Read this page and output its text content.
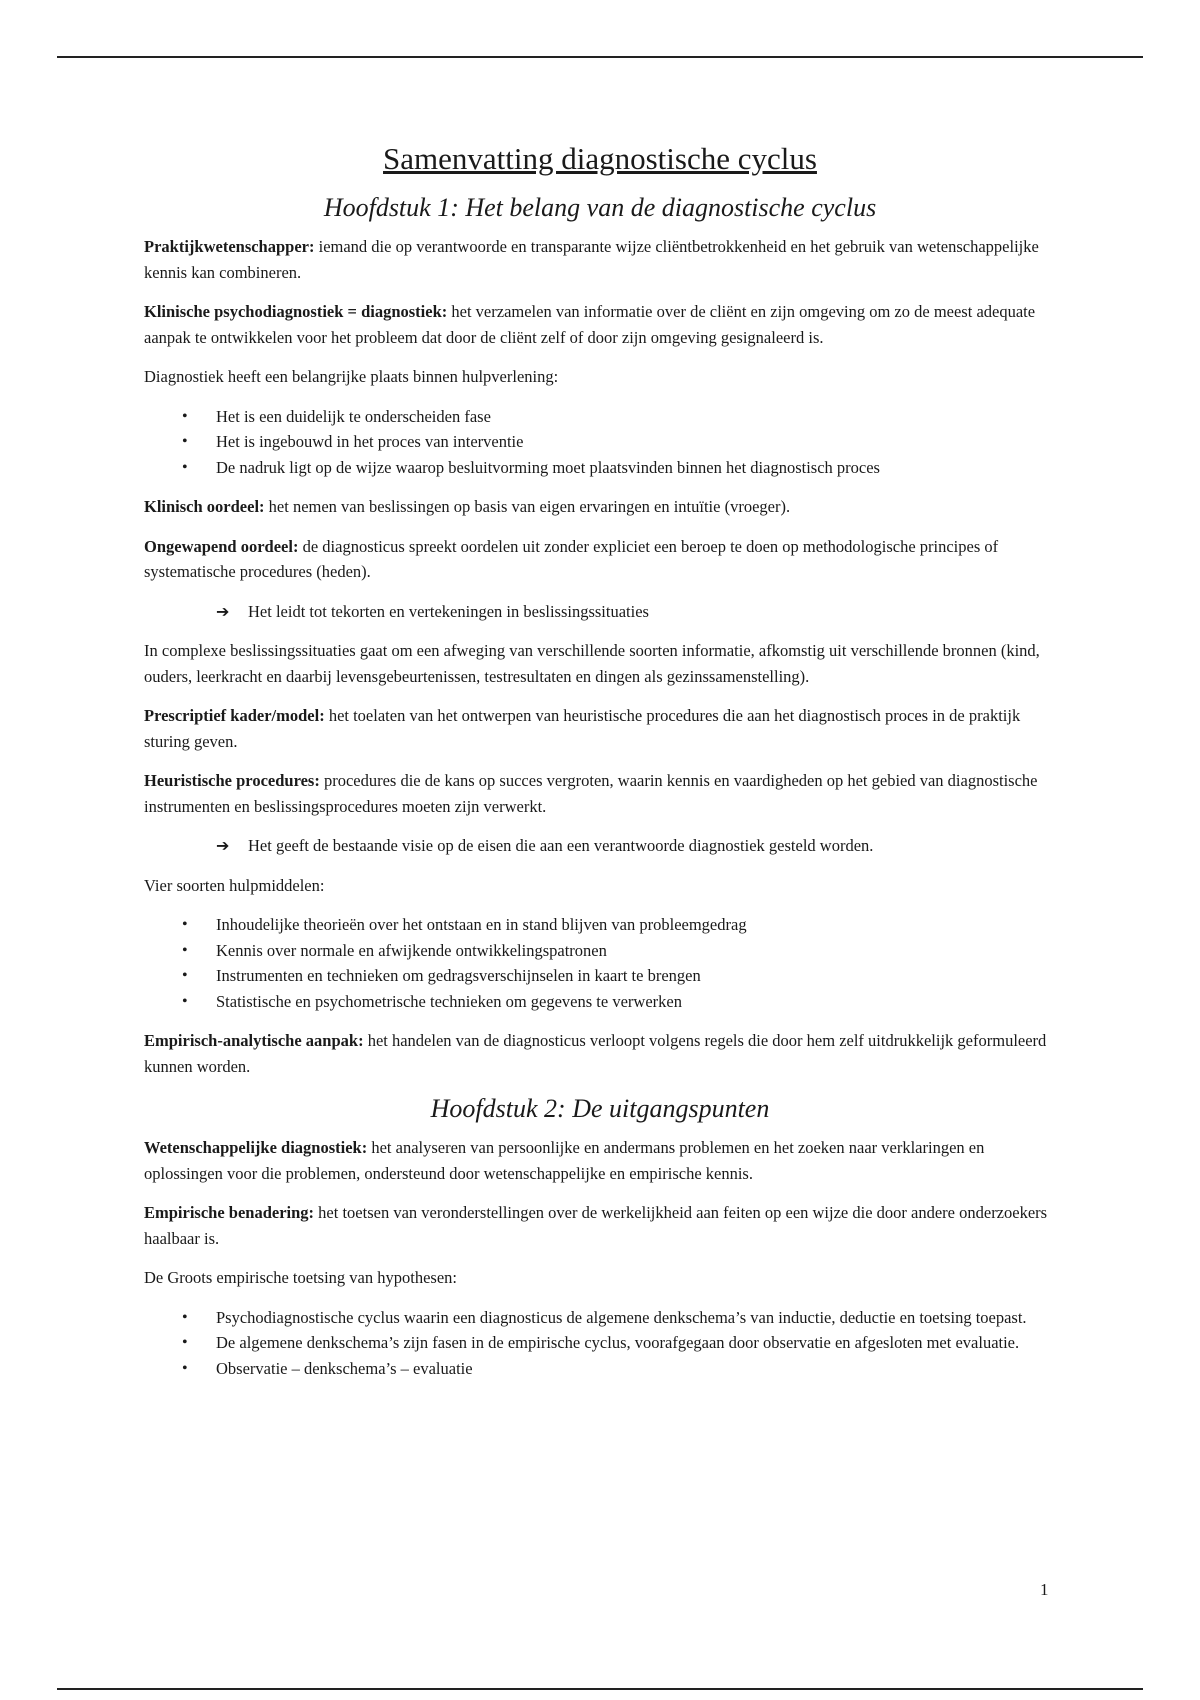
Samenvatting diagnostische cyclus
Hoofdstuk 1: Het belang van de diagnostische cyclus

Praktijkwetenschapper: iemand die op verantwoorde en transparante wijze cliëntbetrokkenheid en het gebruik van wetenschappelijke kennis kan combineren.

Klinische psychodiagnostiek = diagnostiek: het verzamelen van informatie over de cliënt en zijn omgeving om zo de meest adequate aanpak te ontwikkelen voor het probleem dat door de cliënt zelf of door zijn omgeving gesignaleerd is.

Diagnostiek heeft een belangrijke plaats binnen hulpverlening:

• Het is een duidelijk te onderscheiden fase
• Het is ingebouwd in het proces van interventie
• De nadruk ligt op de wijze waarop besluitvorming moet plaatsvinden binnen het diagnostisch proces

Klinisch oordeel: het nemen van beslissingen op basis van eigen ervaringen en intuïtie (vroeger).

Ongewapend oordeel: de diagnosticus spreekt oordelen uit zonder expliciet een beroep te doen op methodologische principes of systematische procedures (heden).

➔ Het leidt tot tekorten en vertekeningen in beslissingssituaties

In complexe beslissingssituaties gaat om een afweging van verschillende soorten informatie, afkomstig uit verschillende bronnen (kind, ouders, leerkracht en daarbij levensgebeurtenissen, testresultaten en dingen als gezinssamenstelling).

Prescriptief kader/model: het toelaten van het ontwerpen van heuristische procedures die aan het diagnostisch proces in de praktijk sturing geven.

Heuristische procedures: procedures die de kans op succes vergroten, waarin kennis en vaardigheden op het gebied van diagnostische instrumenten en beslissingsprocedures moeten zijn verwerkt.

➔ Het geeft de bestaande visie op de eisen die aan een verantwoorde diagnostiek gesteld worden.

Vier soorten hulpmiddelen:

• Inhoudelijke theorieën over het ontstaan en in stand blijven van probleemgedrag
• Kennis over normale en afwijkende ontwikkelingspatronen
• Instrumenten en technieken om gedragsverschijnselen in kaart te brengen
• Statistische en psychometrische technieken om gegevens te verwerken

Empirisch-analytische aanpak: het handelen van de diagnosticus verloopt volgens regels die door hem zelf uitdrukkelijk geformuleerd kunnen worden.

Hoofdstuk 2: De uitgangspunten

Wetenschappelijke diagnostiek: het analyseren van persoonlijke en andermans problemen en het zoeken naar verklaringen en oplossingen voor die problemen, ondersteund door wetenschappelijke en empirische kennis.

Empirische benadering: het toetsen van veronderstellingen over de werkelijkheid aan feiten op een wijze die door andere onderzoekers haalbaar is.

De Groots empirische toetsing van hypothesen:

• Psychodiagnostische cyclus waarin een diagnosticus de algemene denkschema’s van inductie, deductie en toetsing toepast.
• De algemene denkschema’s zijn fasen in de empirische cyclus, voorafgegaan door observatie en afgesloten met evaluatie.
• Observatie – denkschema’s – evaluatie
1
